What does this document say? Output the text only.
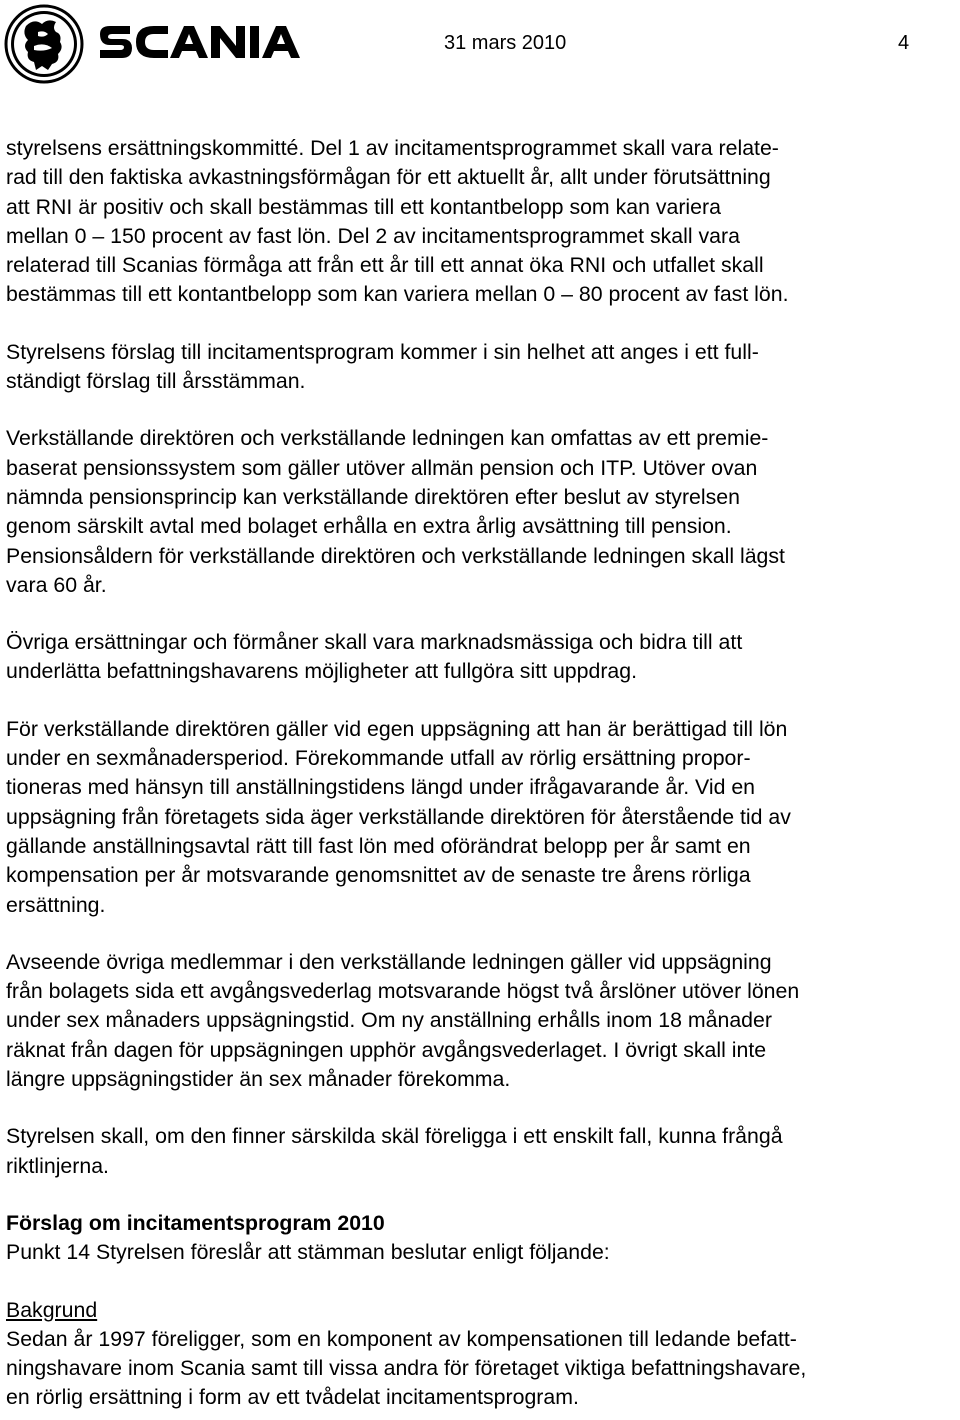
31 mars 2010	4

styrelsens ersättningskommitté. Del 1 av incitamentsprogrammet skall vara relate-
rad till den faktiska avkastningsförmågan för ett aktuellt år, allt under förutsättning
att RNI är positiv och skall bestämmas till ett kontantbelopp som kan variera
mellan 0 – 150 procent av fast lön. Del 2 av incitamentsprogrammet skall vara
relaterad till Scanias förmåga att från ett år till ett annat öka RNI och utfallet skall
bestämmas till ett kontantbelopp som kan variera mellan 0 – 80 procent av fast lön.

Styrelsens förslag till incitamentsprogram kommer i sin helhet att anges i ett full-
ständigt förslag till årsstämman.

Verkställande direktören och verkställande ledningen kan omfattas av ett premie-
baserat pensionssystem som gäller utöver allmän pension och ITP. Utöver ovan
nämnda pensionsprincip kan verkställande direktören efter beslut av styrelsen
genom särskilt avtal med bolaget erhålla en extra årlig avsättning till pension.
Pensionsåldern för verkställande direktören och verkställande ledningen skall lägst
vara 60 år.

Övriga ersättningar och förmåner skall vara marknadsmässiga och bidra till att
underlätta befattningshavarens möjligheter att fullgöra sitt uppdrag.

För verkställande direktören gäller vid egen uppsägning att han är berättigad till lön
under en sexmånadersperiod. Förekommande utfall av rörlig ersättning propor-
tioneras med hänsyn till anställningstidens längd under ifrågavarande år. Vid en
uppsägning från företagets sida äger verkställande direktören för återstående tid av
gällande anställningsavtal rätt till fast lön med oförändrat belopp per år samt en
kompensation per år motsvarande genomsnittet av de senaste tre årens rörliga
ersättning.

Avseende övriga medlemmar i den verkställande ledningen gäller vid uppsägning
från bolagets sida ett avgångsvederlag motsvarande högst två årslöner utöver lönen
under sex månaders uppsägningstid. Om ny anställning erhålls inom 18 månader
räknat från dagen för uppsägningen upphör avgångsvederlaget. I övrigt skall inte
längre uppsägningstider än sex månader förekomma.

Styrelsen skall, om den finner särskilda skäl föreligga i ett enskilt fall, kunna frångå
riktlinjerna.

Förslag om incitamentsprogram 2010
Punkt 14 Styrelsen föreslår att stämman beslutar enligt följande:

Bakgrund
Sedan år 1997 föreligger, som en komponent av kompensationen till ledande befatt-
ningshavare inom Scania samt till vissa andra för företaget viktiga befattningshavare,
en rörlig ersättning i form av ett tvådelat incitamentsprogram.
